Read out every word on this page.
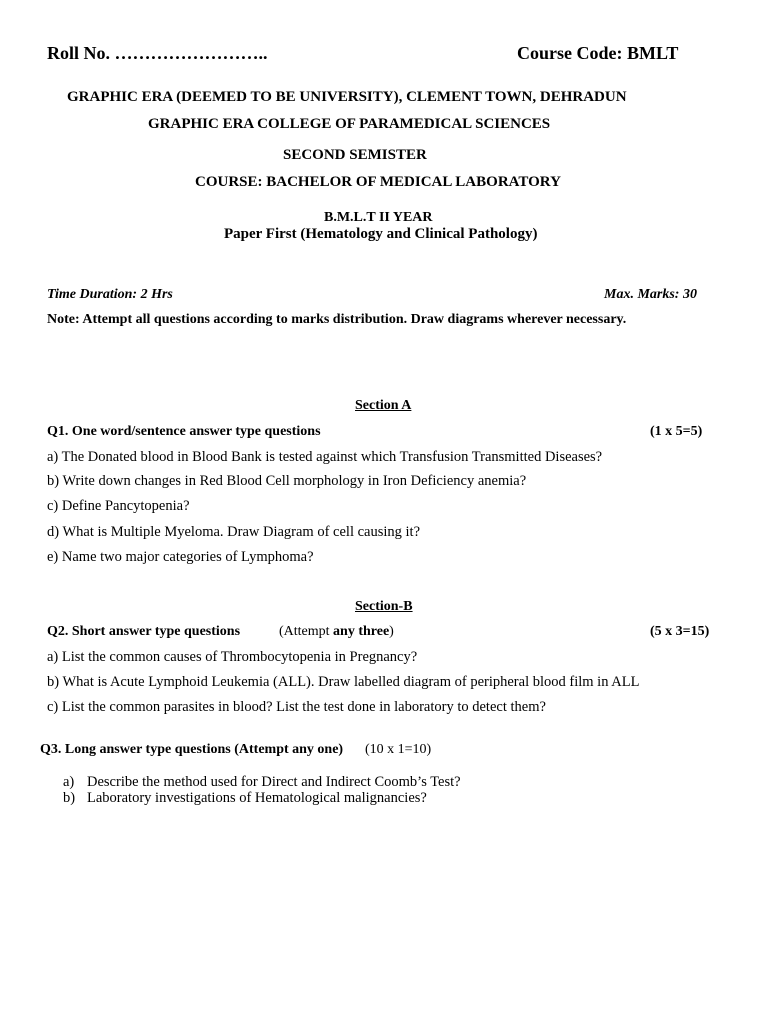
Roll No. ……………………..	Course Code: BMLT
GRAPHIC ERA (DEEMED TO BE UNIVERSITY), CLEMENT TOWN, DEHRADUN
GRAPHIC ERA COLLEGE OF PARAMEDICAL SCIENCES
SECOND SEMISTER
COURSE: BACHELOR OF MEDICAL LABORATORY
B.M.L.T II YEAR
Paper First (Hematology and Clinical Pathology)
Time Duration: 2 Hrs	Max. Marks: 30
Note: Attempt all questions according to marks distribution. Draw diagrams wherever necessary.
Section A
Q1. One word/sentence answer type questions	(1 x 5=5)
a) The Donated blood in Blood Bank is tested against which Transfusion Transmitted Diseases?
b) Write down changes in Red Blood Cell morphology in Iron Deficiency anemia?
c) Define Pancytopenia?
d) What is Multiple Myeloma. Draw Diagram of cell causing it?
e) Name two major categories of Lymphoma?
Section-B
Q2. Short answer type questions	(Attempt any three)	(5 x 3=15)
a) List the common causes of Thrombocytopenia in Pregnancy?
b) What is Acute Lymphoid Leukemia (ALL). Draw labelled diagram of peripheral blood film in ALL
c) List the common parasites in blood? List the test done in laboratory to detect them?
Q3. Long answer type questions (Attempt any one) (10 x 1=10)
a) Describe the method used for Direct and Indirect Coomb’s Test?
b) Laboratory investigations of Hematological malignancies?
